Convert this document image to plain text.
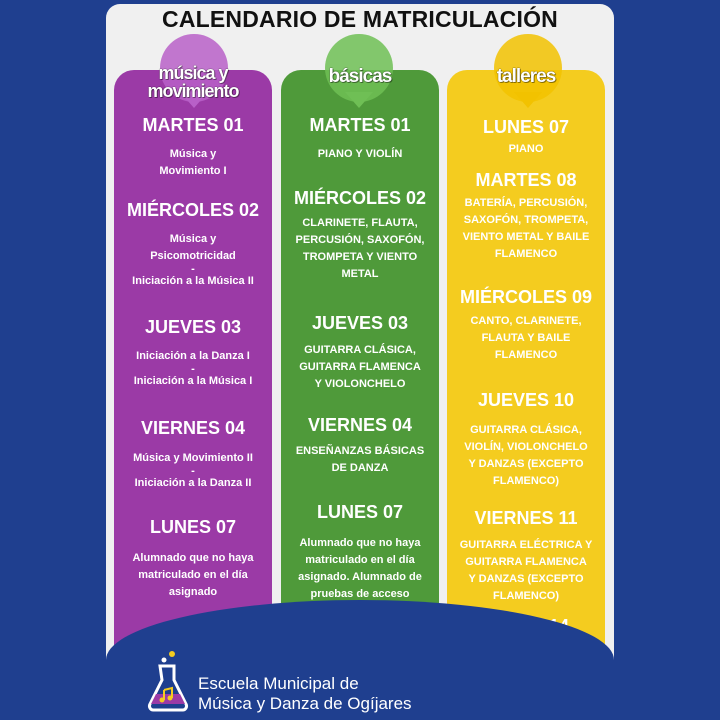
CALENDARIO DE MATRICULACIÓN
música y movimiento
básicas	talleres
MARTES 01
Música y
Movimiento I
MIÉRCOLES 02
Música y
Psicomotricidad
-
Iniciación a la Música II
JUEVES 03
Iniciación a la Danza I
-
Iniciación a la Música I
VIERNES 04
Música y Movimiento II
-
Iniciación a la Danza II
LUNES 07
Alumnado que no haya
matriculado en el día
asignado
MARTES 01
PIANO Y VIOLÍN
MIÉRCOLES 02
CLARINETE, FLAUTA,
PERCUSIÓN, SAXOFÓN,
TROMPETA Y VIENTO
METAL
JUEVES 03
GUITARRA CLÁSICA,
GUITARRA FLAMENCA
Y VIOLONCHELO
VIERNES 04
ENSEÑANZAS BÁSICAS
DE DANZA
LUNES 07
Alumnado que no haya
matriculado en el día
asignado. Alumnado de
pruebas de acceso
LUNES 07
PIANO
MARTES 08
BATERÍA, PERCUSIÓN,
SAXOFÓN, TROMPETA,
VIENTO METAL Y BAILE
FLAMENCO
MIÉRCOLES 09
CANTO, CLARINETE,
FLAUTA Y BAILE
FLAMENCO
JUEVES 10
GUITARRA CLÁSICA,
VIOLÍN, VIOLONCHELO
Y DANZAS (EXCEPTO
FLAMENCO)
VIERNES 11
GUITARRA ELÉCTRICA Y
GUITARRA FLAMENCA
Y DANZAS (EXCEPTO
FLAMENCO)
Escuela Municipal de
Música y Danza de Ogíjares
